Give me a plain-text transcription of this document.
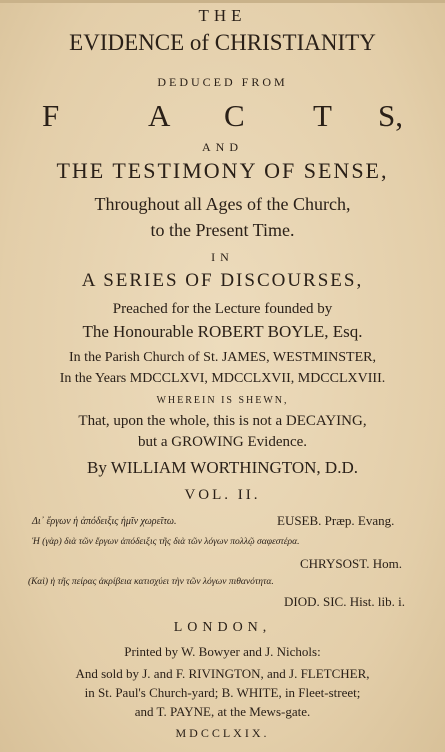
THE
EVIDENCE of CHRISTIANITY
DEDUCED FROM
F	A C T S,
AND
THE TESTIMONY OF SENSE,
Throughout all Ages of the Church,
to the Present Time.
IN
A SERIES OF DISCOURSES,
Preached for the Lecture founded by
The Honourable ROBERT BOYLE, Esq.
In the Parish Church of St. JAMES, WESTMINSTER,
In the Years MDCCLXVI, MDCCLXVII, MDCCLXVIII.
WHEREIN IS SHEWN,
That, upon the whole, this is not a DECAYING,
but a GROWING Evidence.
By WILLIAM WORTHINGTON, D.D.
VOL. II.
Δι᾽ ἔργων ἡ ἀπόδειξις ἡμῖν χωρεῖτω.	EUSEB. Præp. Evang.
Ἡ (γὰρ) διὰ τῶν ἔργων ἀπόδειξις τῆς διὰ τῶν λόγων πολλῷ σαφεστέρα.
CHRYSOST. Hom.
(Καὶ) ἡ τῆς πείρας ἀκρίβεια κατισχύει τὴν τῶν λόγων πιθανότητα.
DIOD. SIC. Hist. lib. i.
LONDON,
Printed by W. Bowyer and J. Nichols:
And sold by J. and F. RIVINGTON, and J. FLETCHER,
in St. Paul's Church-yard; B. WHITE, in Fleet-street;
and T. PAYNE, at the Mews-gate.
MDCCLXIX.
